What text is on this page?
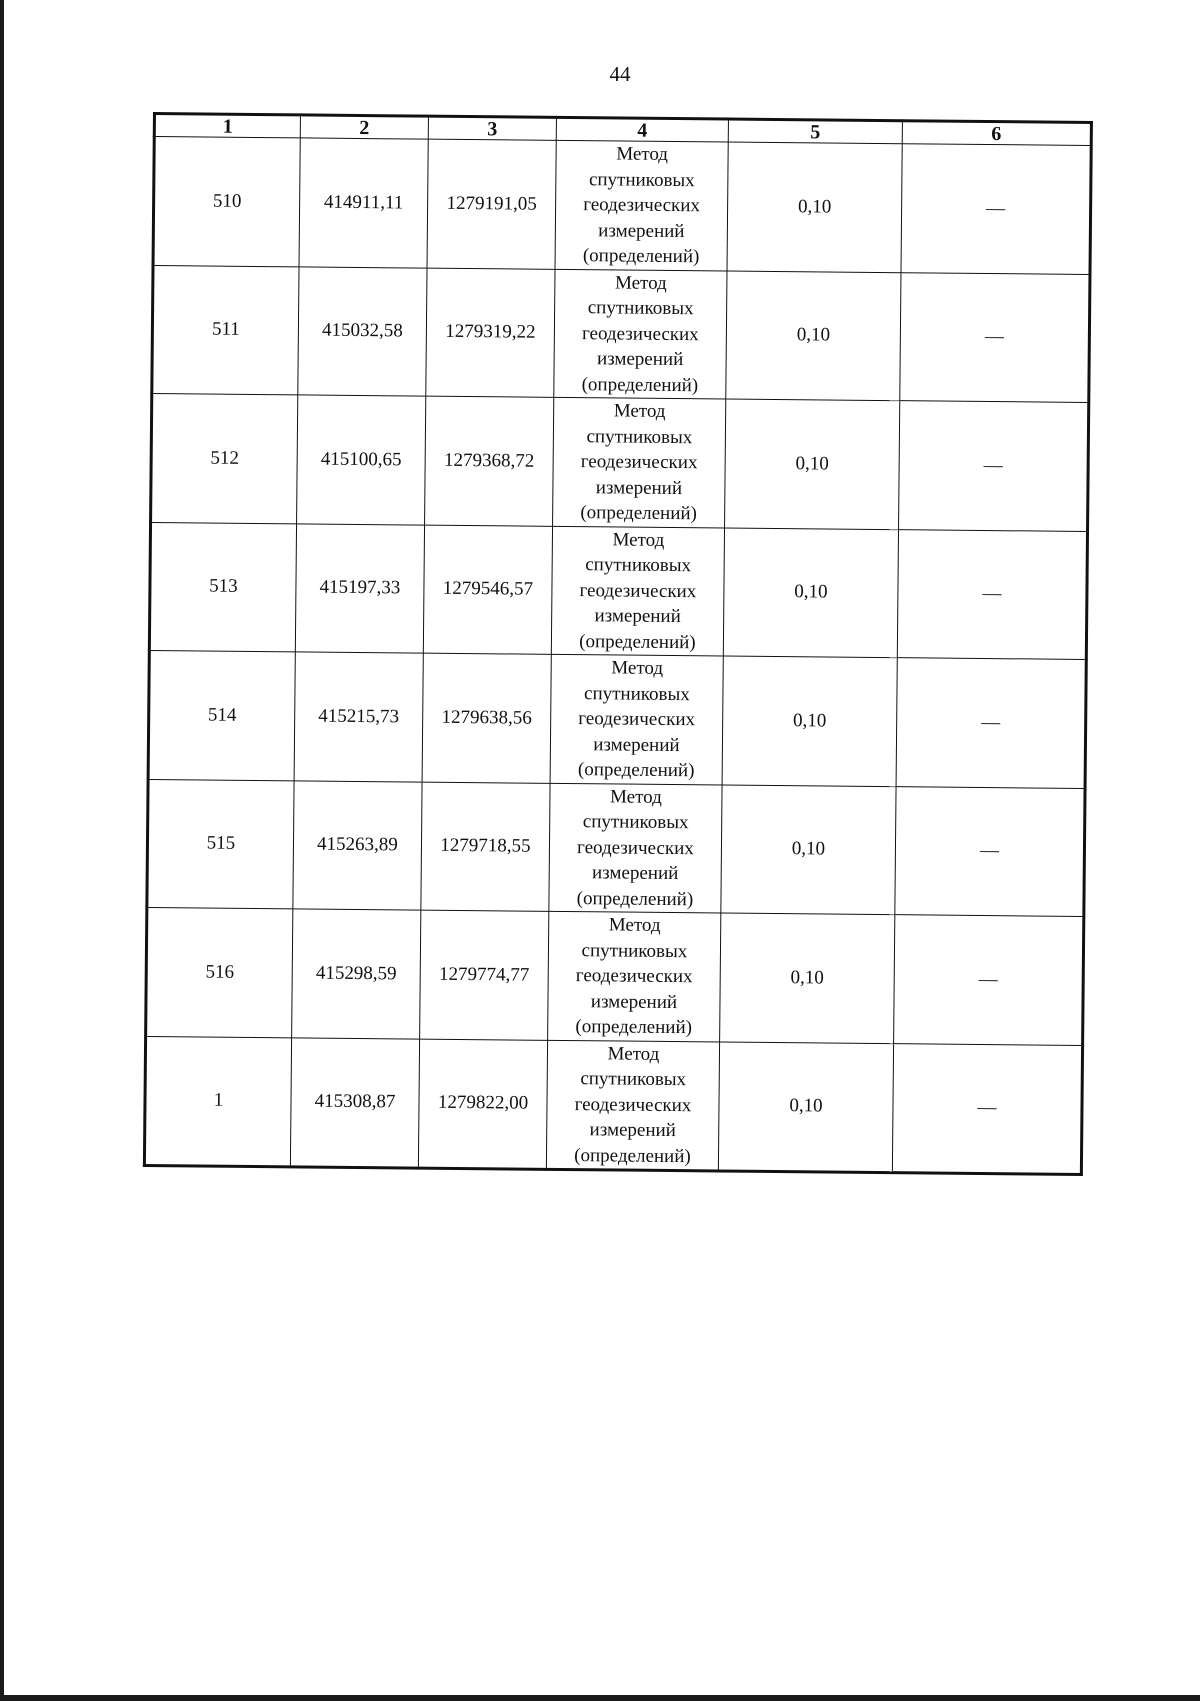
44
1	2	3	4	5	6
510	414911,11	1279191,05	Метод
спутниковых
геодезических
измерений
(определений)	0,10	—
511	415032,58	1279319,22	Метод
спутниковых
геодезических
измерений
(определений)	0,10	—
512	415100,65	1279368,72	Метод
спутниковых
геодезических
измерений
(определений)	0,10	—
513	415197,33	1279546,57	Метод
спутниковых
геодезических
измерений
(определений)	0,10	—
514	415215,73	1279638,56	Метод
спутниковых
геодезических
измерений
(определений)	0,10	—
515	415263,89	1279718,55	Метод
спутниковых
геодезических
измерений
(определений)	0,10	—
516	415298,59	1279774,77	Метод
спутниковых
геодезических
измерений
(определений)	0,10	—
1	415308,87	1279822,00	Метод
спутниковых
геодезических
измерений
(определений)	0,10	—
